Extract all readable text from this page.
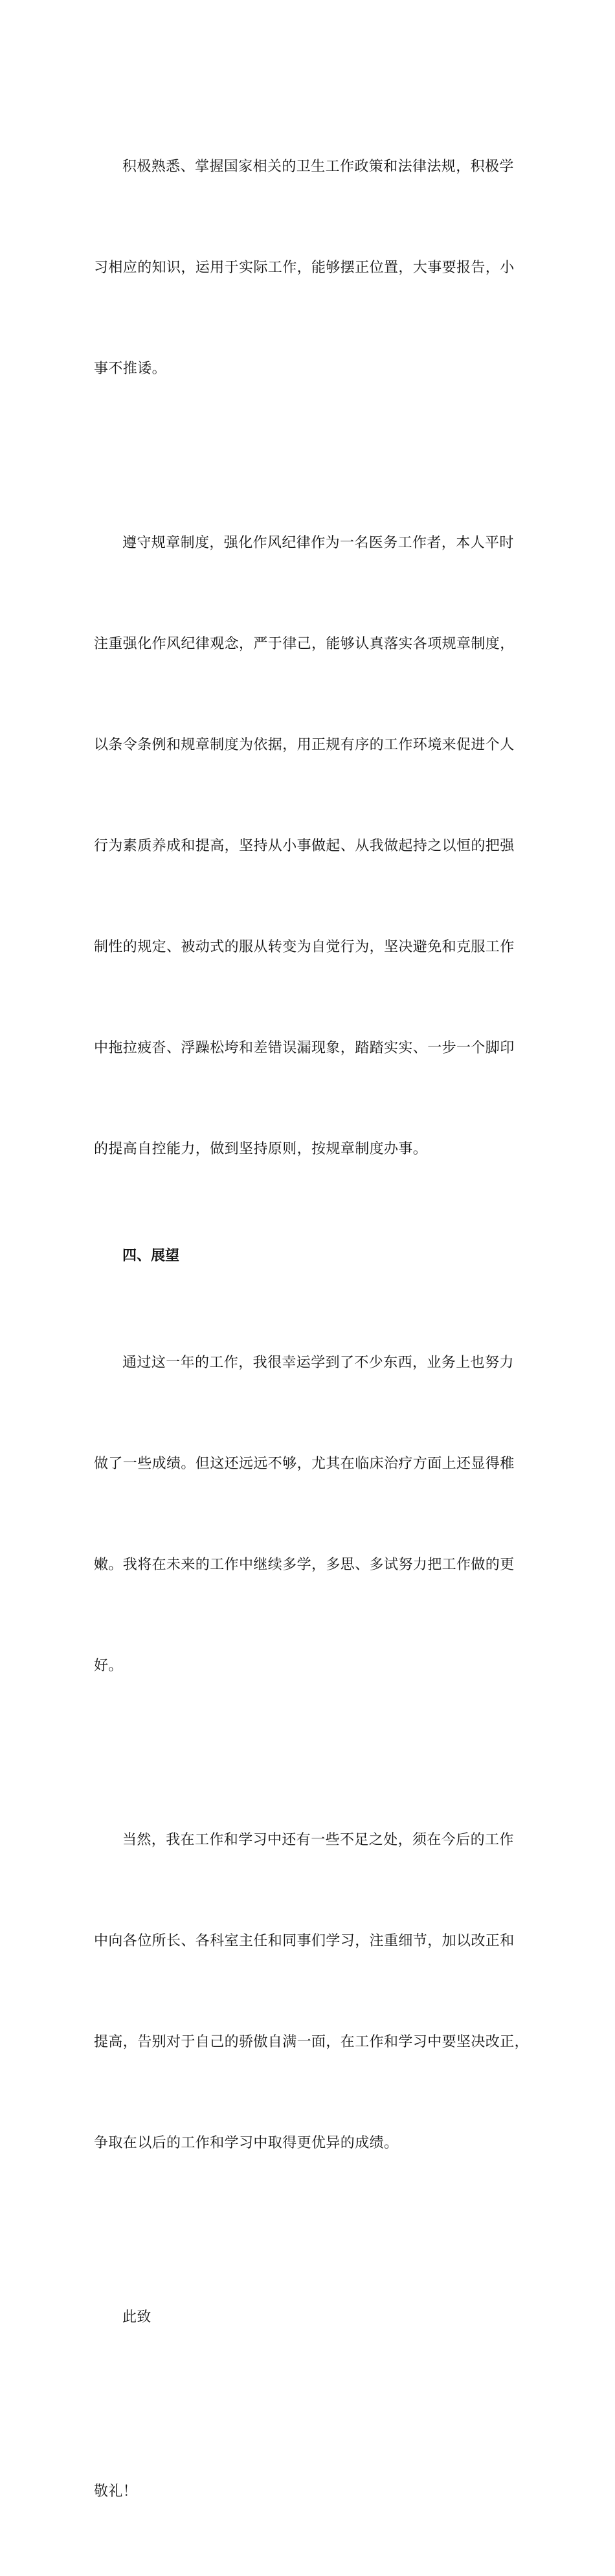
积极熟悉、掌握国家相关的卫生工作政策和法律法规，积极学

习相应的知识，运用于实际工作，能够摆正位置，大事要报告，小

事不推诿。

遵守规章制度，强化作风纪律作为一名医务工作者，本人平时

注重强化作风纪律观念，严于律己，能够认真落实各项规章制度，

以条令条例和规章制度为依据，用正规有序的工作环境来促进个人

行为素质养成和提高，坚持从小事做起、从我做起持之以恒的把强

制性的规定、被动式的服从转变为自觉行为，坚决避免和克服工作

中拖拉疲沓、浮躁松垮和差错误漏现象，踏踏实实、一步一个脚印

的提高自控能力，做到坚持原则，按规章制度办事。

四、展望

通过这一年的工作，我很幸运学到了不少东西，业务上也努力

做了一些成绩。但这还远远不够，尤其在临床治疗方面上还显得稚

嫩。我将在未来的工作中继续多学，多思、多试努力把工作做的更

好。

当然，我在工作和学习中还有一些不足之处，须在今后的工作

中向各位所长、各科室主任和同事们学习，注重细节，加以改正和

提高，告别对于自己的骄傲自满一面，在工作和学习中要坚决改正，

争取在以后的工作和学习中取得更优异的成绩。

此致

敬礼！
